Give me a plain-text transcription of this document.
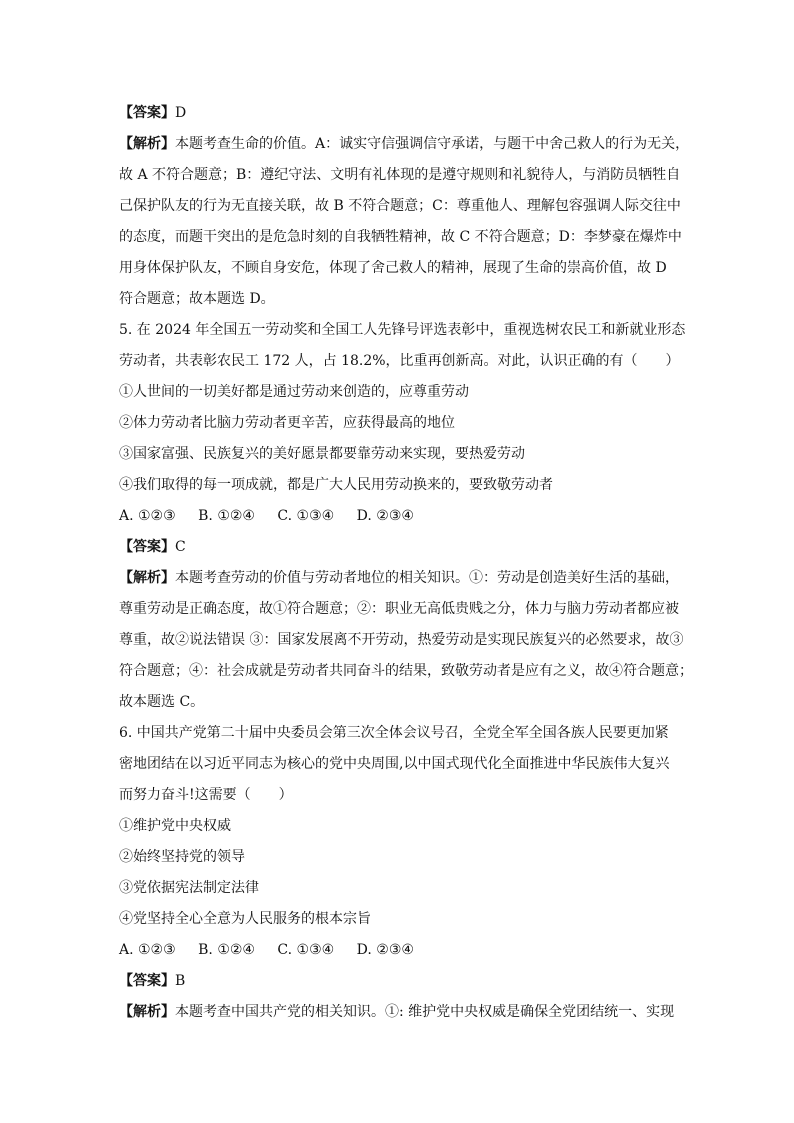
【答案】D
【解析】本题考查生命的价值。A：诚实守信强调信守承诺，与题干中舍己救人的行为无关，
故 A 不符合题意；B：遵纪守法、文明有礼体现的是遵守规则和礼貌待人，与消防员牺牲自
己保护队友的行为无直接关联，故 B 不符合题意；C：尊重他人、理解包容强调人际交往中
的态度，而题干突出的是危急时刻的自我牺牲精神，故 C 不符合题意；D：李梦豪在爆炸中
用身体保护队友，不顾自身安危，体现了舍己救人的精神，展现了生命的崇高价值，故 D
符合题意；故本题选 D。
5. 在 2024 年全国五一劳动奖和全国工人先锋号评选表彰中，重视选树农民工和新就业形态
劳动者，共表彰农民工 172 人，占 18.2%，比重再创新高。对此，认识正确的有（　　）
①人世间的一切美好都是通过劳动来创造的，应尊重劳动
②体力劳动者比脑力劳动者更辛苦，应获得最高的地位
③国家富强、民族复兴的美好愿景都要靠劳动来实现，要热爱劳动
④我们取得的每一项成就，都是广大人民用劳动换来的，要致敬劳动者
A. ①②③ B. ①②④ C. ①③④ D. ②③④
【答案】C
【解析】本题考查劳动的价值与劳动者地位的相关知识。①：劳动是创造美好生活的基础，
尊重劳动是正确态度，故①符合题意；②：职业无高低贵贱之分，体力与脑力劳动者都应被
尊重，故②说法错误 ③：国家发展离不开劳动，热爱劳动是实现民族复兴的必然要求，故③
符合题意；④：社会成就是劳动者共同奋斗的结果，致敬劳动者是应有之义，故④符合题意；
故本题选 C。
6. 中国共产党第二十届中央委员会第三次全体会议号召，全党全军全国各族人民要更加紧
密地团结在以习近平同志为核心的党中央周围,以中国式现代化全面推进中华民族伟大复兴
而努力奋斗!这需要（　　）
①维护党中央权威
②始终坚持党的领导
③党依据宪法制定法律
④党坚持全心全意为人民服务的根本宗旨
A. ①②③ B. ①②④ C. ①③④ D. ②③④
【答案】B
【解析】本题考查中国共产党的相关知识。①: 维护党中央权威是确保全党团结统一、实现
